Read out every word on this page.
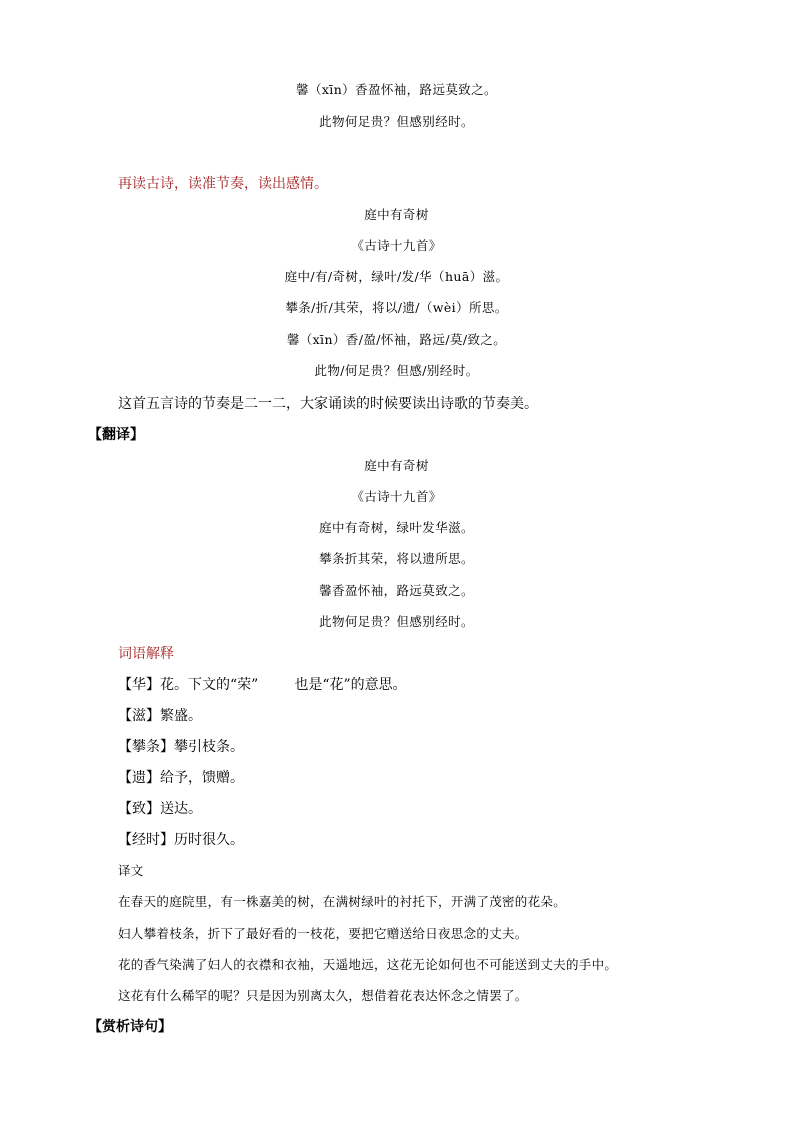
馨（xīn）香盈怀袖，路远莫致之。
此物何足贵？但感别经时。
再读古诗，读准节奏，读出感情。
庭中有奇树
《古诗十九首》
庭中/有/奇树，绿叶/发/华（huā）滋。
攀条/折/其荣，将以/遗/（wèi）所思。
馨（xīn）香/盈/怀袖，路远/莫/致之。
此物/何足贵？但感/别经时。
这首五言诗的节奏是二一二，大家诵读的时候要读出诗歌的节奏美。
【翻译】
庭中有奇树
《古诗十九首》
庭中有奇树，绿叶发华滋。
攀条折其荣，将以遗所思。
馨香盈怀袖，路远莫致之。
此物何足贵？但感别经时。
词语解释
【华】花。下文的“荣”	也是“花”的意思。
【滋】繁盛。
【攀条】攀引枝条。
【遗】给予，馈赠。
【致】送达。
【经时】历时很久。
译文
在春天的庭院里，有一株嘉美的树，在满树绿叶的衬托下，开满了茂密的花朵。
妇人攀着枝条，折下了最好看的一枝花，要把它赠送给日夜思念的丈夫。
花的香气染满了妇人的衣襟和衣袖，天遥地远，这花无论如何也不可能送到丈夫的手中。
这花有什么稀罕的呢？只是因为别离太久，想借着花表达怀念之情罢了。
【赏析诗句】
